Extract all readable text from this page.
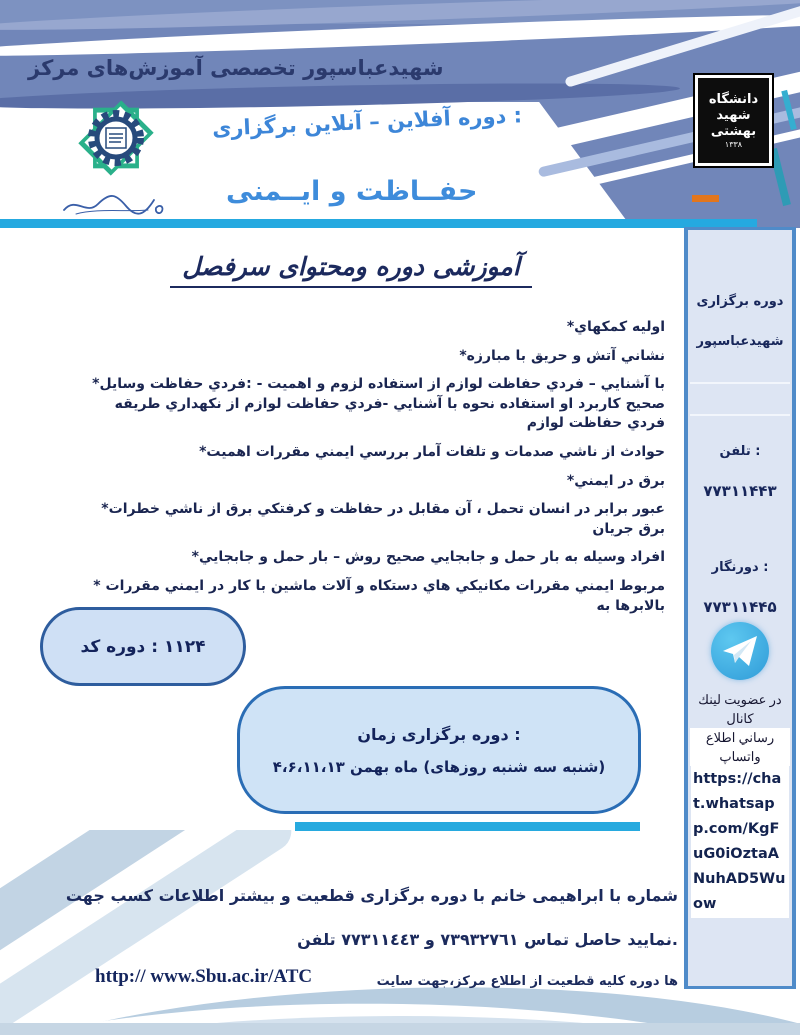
مرکز آموزش‌های تخصصی شهیدعباسپور
برگزاری آنلاین – آفلاین دوره :
ایــمنی و حفــاظت
دانشگاه
شهید
بهشتی
۱۳۳۸
سرفصل ومحتوای دوره آموزشی
*كمكهاي اوليه
*مبارزه با حريق و آتش نشاني
*وسايل حفاظت فردي: - اهميت و لزوم استفاده از لوازم حفاظت فردي – آشنايي با طريقه نكهداري از لوازم حفاظت فردي- آشنايي با نحوه استفاده او كاربرد صحيح لوازم حفاظت فردي
*اهميت مقررات ايمني بررسي آمار تلفات و صدمات ناشي از حوادث
*ايمني در برق
*خطرات ناشي از برق كرفتكي و حفاظت در مقابل آن ، تحمل انسان در برابر عبور جريان برق
*جابجايي و حمل بار – روش صحيح جابجايي و حمل بار به وسيله افراد
* مقررات ايمني در كار با ماشين آلات و دستكاه هاي مكانيكي مقررات ايمني مربوط به بالابرها
کد دوره : ۱۱۲۴
زمان برگزاری دوره :
۴،۶،۱۱،۱۳ بهمن ماه (روزهای شنبه سه شنبه)
برگزاری دوره
شهیدعباسپور
تلفن :
۷۷۳۱۱۴۴۳
دورنگار :
۷۷۳۱۱۴۴۵
لینك عضویت در
كانال
اطلاع رساني
واتساپ
https://chat.whatsapp.com/KgFuG0iOztaANuhAD5Wuow
جهت کسب اطلاعات بیشتر و قطعیت برگزاری دوره با خانم ابراهیمی با شماره
تلفن ٧٧٣١١٤٤٣ و ٧٣٩٣٢٧٦١ تماس حاصل نمایید.
سایت مرکز،جهت اطلاع از قطعیت کلیه دوره ها
http:// www.Sbu.ac.ir/ATC
